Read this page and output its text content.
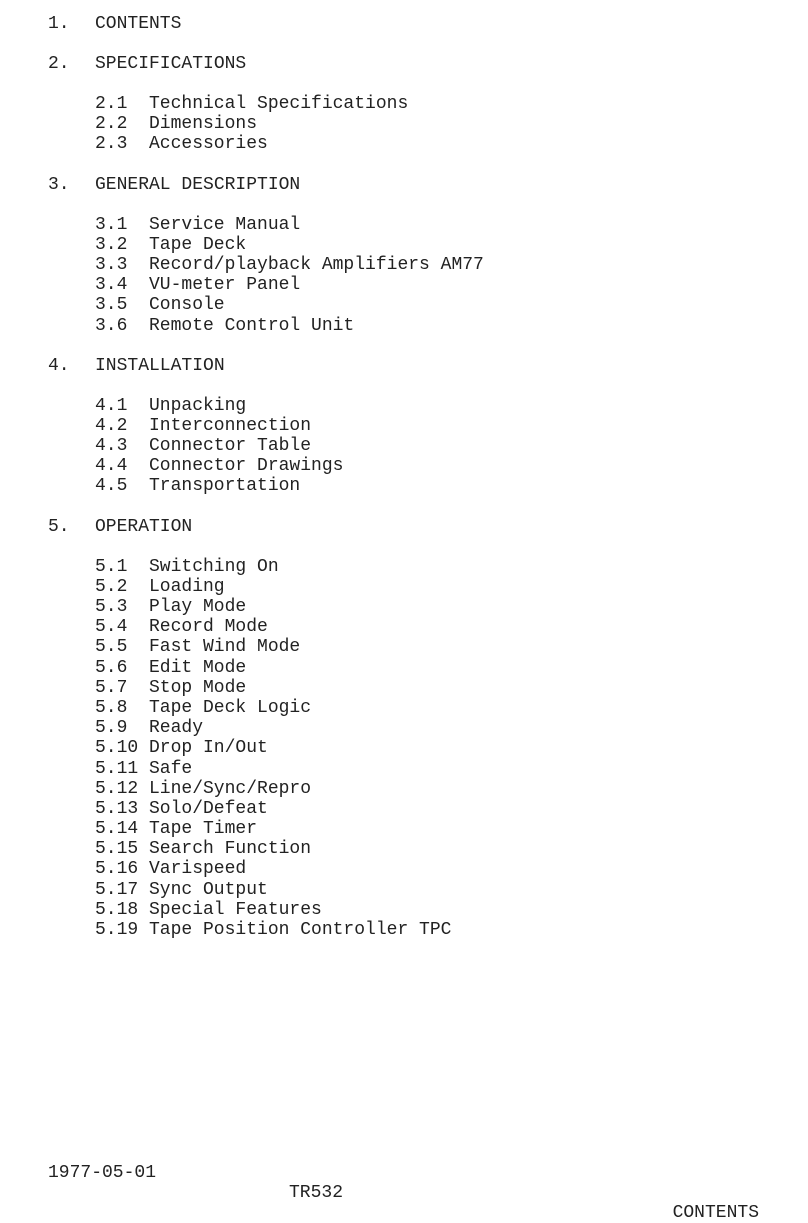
1. CONTENTS
2. SPECIFICATIONS
2.1 Technical Specifications
2.2 Dimensions
2.3 Accessories
3. GENERAL DESCRIPTION
3.1 Service Manual
3.2 Tape Deck
3.3 Record/playback Amplifiers AM77
3.4 VU-meter Panel
3.5 Console
3.6 Remote Control Unit
4. INSTALLATION
4.1 Unpacking
4.2 Interconnection
4.3 Connector Table
4.4 Connector Drawings
4.5 Transportation
5. OPERATION
5.1 Switching On
5.2 Loading
5.3 Play Mode
5.4 Record Mode
5.5 Fast Wind Mode
5.6 Edit Mode
5.7 Stop Mode
5.8 Tape Deck Logic
5.9 Ready
5.10 Drop In/Out
5.11 Safe
5.12 Line/Sync/Repro
5.13 Solo/Defeat
5.14 Tape Timer
5.15 Search Function
5.16 Varispeed
5.17 Sync Output
5.18 Special Features
5.19 Tape Position Controller TPC

1977-05-01

TR532

CONTENTS
